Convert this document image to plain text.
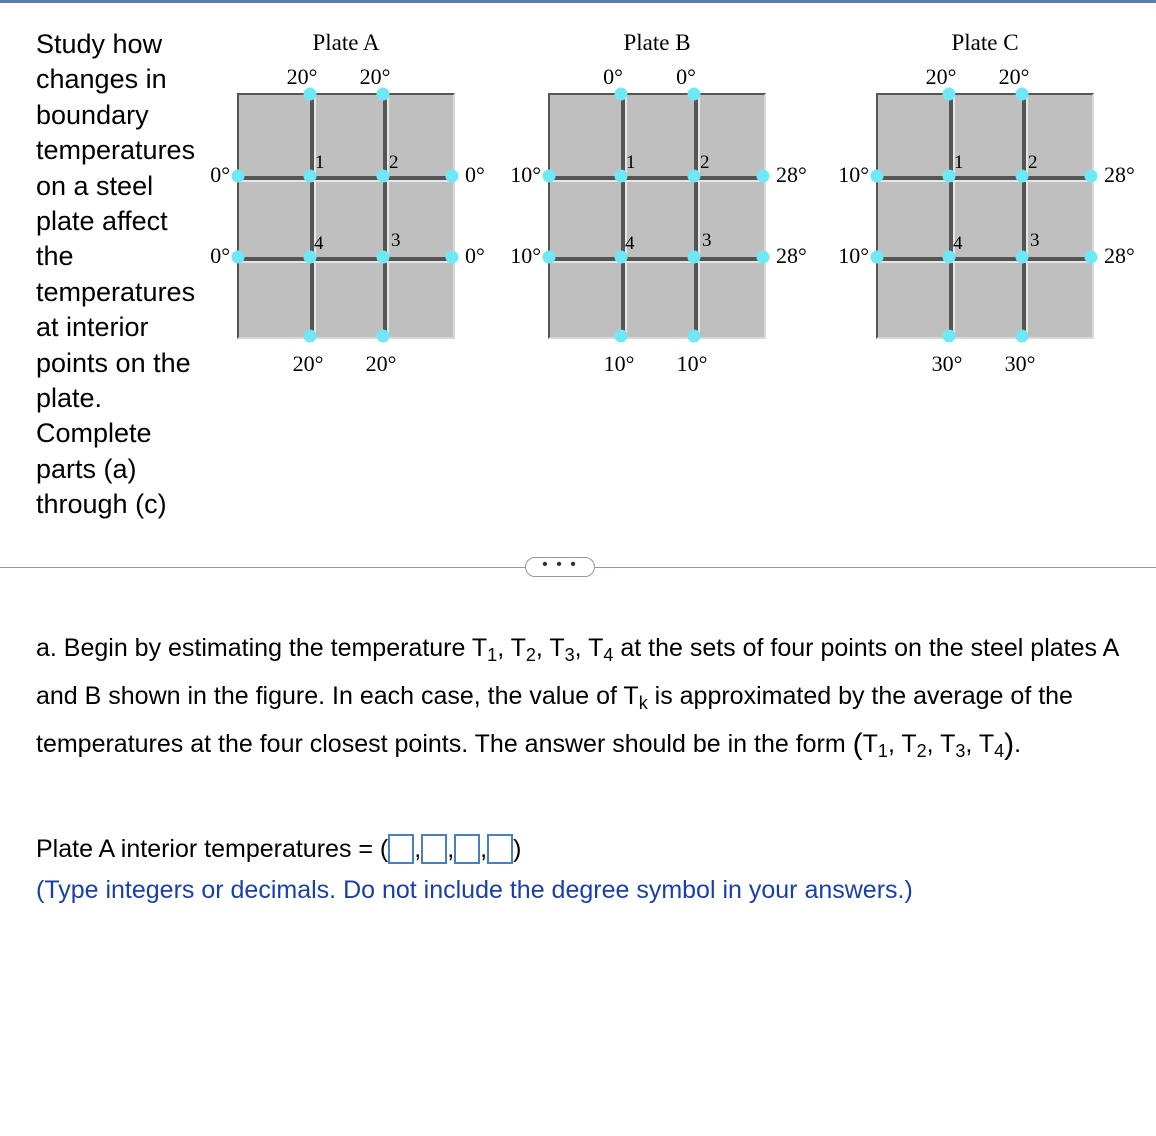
Study how
changes in
boundary
temperatures
on a steel
plate affect
the
temperatures
at interior
points on the
plate.
Complete
parts (a)
through (c)
Plate A
1	2
3
4
20° 20°
20° 20°
0°
0°
0°
0°
Plate B
1	2
3
4
0° 0°
10° 10°
10°
10°
28°
28°
Plate C
1	2
3
4
20° 20°
30° 30°
10°
10°
28°
28°
• • •
a. Begin by estimating the temperature $T_1$, $T_2$, $T_3$, $T_4$ at the sets of four points on the steel plates A and B shown in the figure. In each case, the value of $T_k$ is approximated by the average of the temperatures at the four closest points. The answer should be in the form ($T_1$, $T_2$, $T_3$, $T_4$).
Plate A interior temperatures = ( , , , )
(Type integers or decimals. Do not include the degree symbol in your answers.)
